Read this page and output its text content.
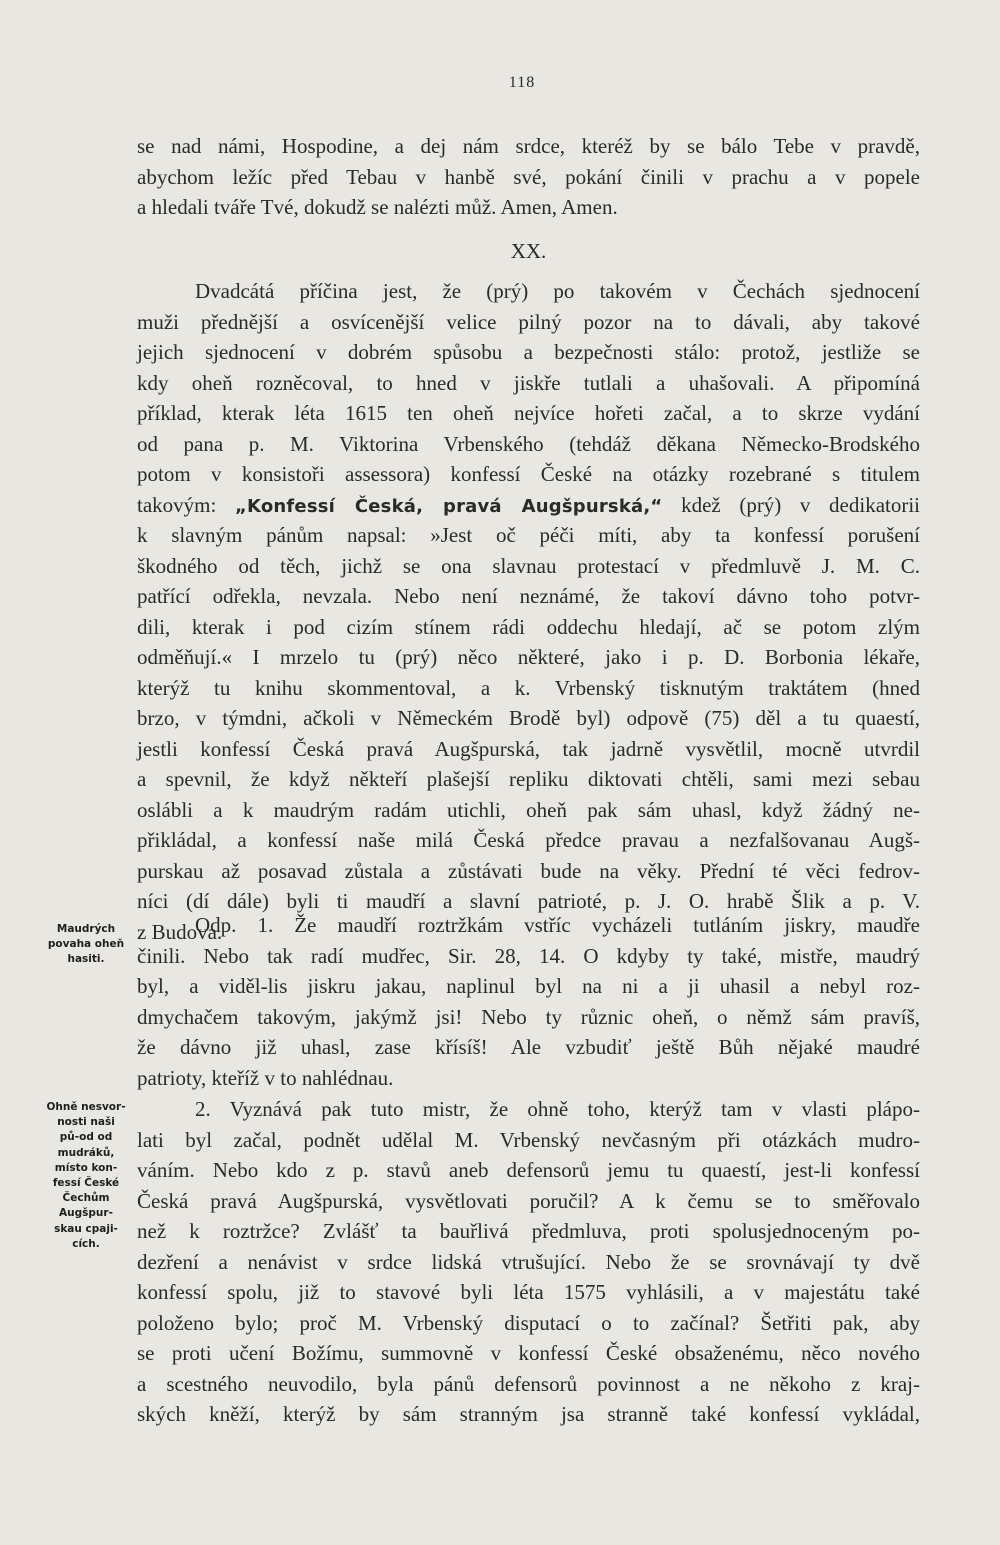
118
se nad námi, Hospodine, a dej nám srdce, kteréž by se bálo Tebe v pravdě,
abychom ležíc před Tebau v hanbě své, pokání činili v prachu a v popele
a hledali tváře Tvé, dokudž se nalézti můž. Amen, Amen.
XX.
Dvadcátá příčina jest, že (prý) po takovém v Čechách sjednocení
muži přednější a osvícenější velice pilný pozor na to dávali, aby takové
jejich sjednocení v dobrém spůsobu a bezpečnosti stálo: protož, jestliže se
kdy oheň rozněcoval, to hned v jiskře tutlali a uhašovali. A připomíná
příklad, kterak léta 1615 ten oheň nejvíce hořeti začal, a to skrze vydání
od pana p. M. Viktorina Vrbenského (tehdáž děkana Německo-Brodského
potom v konsistoři assessora) konfessí České na otázky rozebrané s titulem
takovým: „Konfessí Česká, pravá Augšpurská,“ kdež (prý) v dedikatorii
k slavným pánům napsal: »Jest oč péči míti, aby ta konfessí porušení
škodného od těch, jichž se ona slavnau protestací v předmluvě J. M. C.
patřící odřekla, nevzala. Nebo není neznámé, že takoví dávno toho potvr-
dili, kterak i pod cizím stínem rádi oddechu hledají, ač se potom zlým
odměňují.« I mrzelo tu (prý) něco některé, jako i p. D. Borbonia lékaře,
kterýž tu knihu skommentoval, a k. Vrbenský tisknutým traktátem (hned
brzo, v týmdni, ačkoli v Německém Brodě byl) odpově (75) děl a tu quaestí,
jestli konfessí Česká pravá Augšpurská, tak jadrně vysvětlil, mocně utvrdil
a spevnil, že když někteří plašejší repliku diktovati chtěli, sami mezi sebau
oslábli a k maudrým radám utichli, oheň pak sám uhasl, když žádný ne-
přikládal, a konfessí naše milá Česká předce pravau a nezfalšovanau Augš-
purskau až posavad zůstala a zůstávati bude na věky. Přední té věci fedrov-
níci (dí dále) byli ti maudří a slavní patrioté, p. J. O. hrabě Šlik a p. V.
z Budova.
Odp. 1. Že maudří roztržkám vstříc vycházeli tutláním jiskry, maudře
činili. Nebo tak radí mudřec, Sir. 28, 14. O kdyby ty také, mistře, maudrý
byl, a viděl-lis jiskru jakau, naplinul byl na ni a ji uhasil a nebyl roz-
dmychačem takovým, jakýmž jsi! Nebo ty různic oheň, o němž sám pravíš,
že dávno již uhasl, zase křísíš! Ale vzbudiť ještě Bůh nějaké maudré
patrioty, kteříž v to nahlédnau.
2. Vyznává pak tuto mistr, že ohně toho, kterýž tam v vlasti plápo-
lati byl začal, podnět udělal M. Vrbenský nevčasným při otázkách mudro-
váním. Nebo kdo z p. stavů aneb defensorů jemu tu quaestí, jest-li konfessí
Česká pravá Augšpurská, vysvětlovati poručil? A k čemu se to směřovalo
než k roztržce? Zvlášť ta bauřlivá předmluva, proti spolusjednoceným po-
dezření a nenávist v srdce lidská vtrušující. Nebo že se srovnávají ty dvě
konfessí spolu, již to stavové byli léta 1575 vyhlásili, a v majestátu také
položeno bylo; proč M. Vrbenský disputací o to začínal? Šetřiti pak, aby
se proti učení Božímu, summovně v konfessí České obsaženému, něco nového
a scestného neuvodilo, byla pánů defensorů povinnost a ne někoho z kraj-
ských kněží, kterýž by sám stranným jsa stranně také konfessí vykládal,
Maudrých
povaha oheň
hasiti.
Ohně nesvor-
nosti naši
pů-od od
mudráků,
místo kon-
fessí České
Čechům
Augšpur-
skau cpaji-
cích.
